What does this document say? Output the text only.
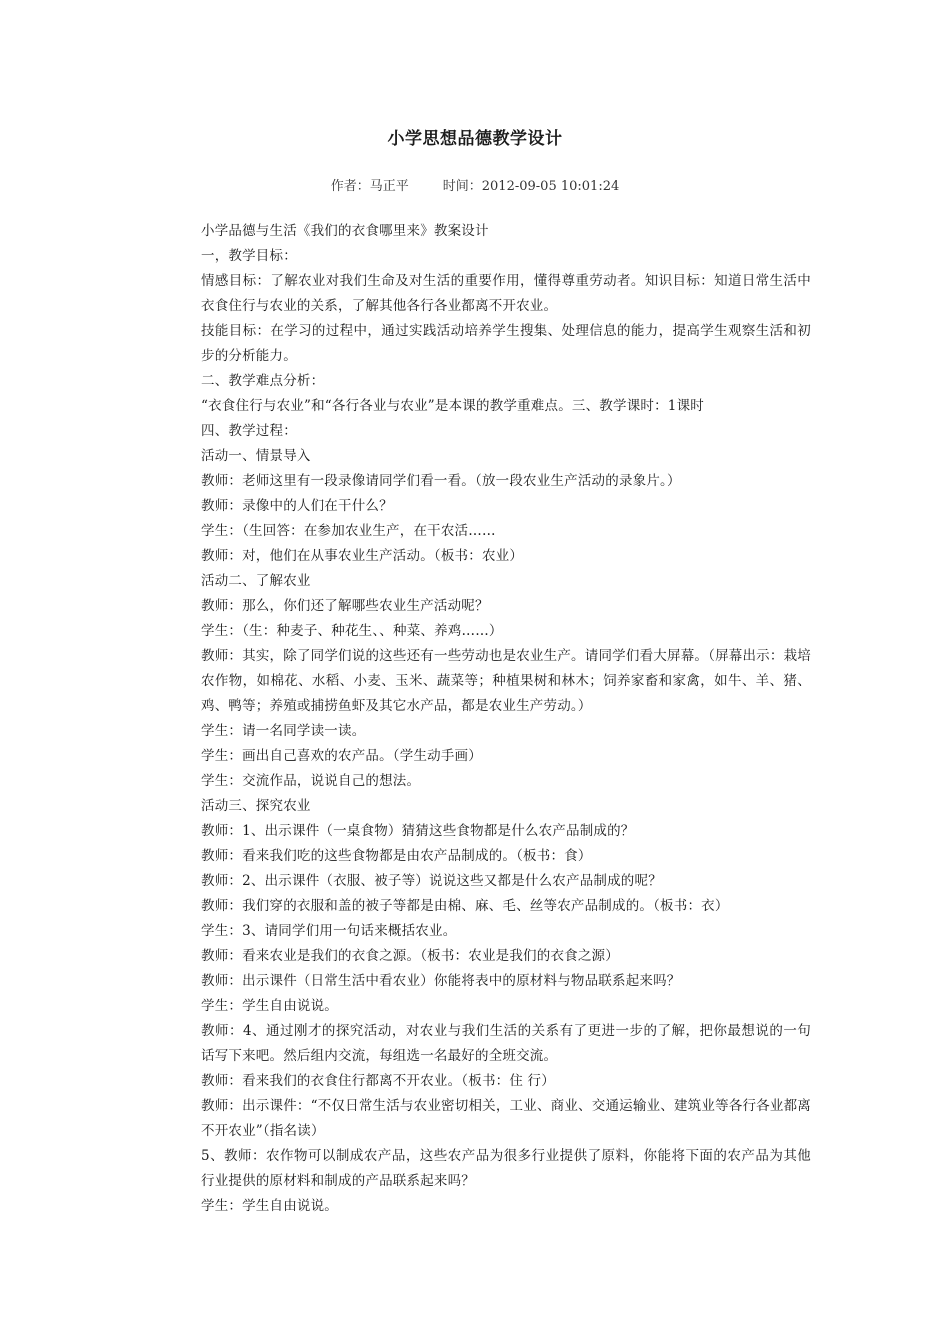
小学思想品德教学设计
作者：马正平	时间：2012-09-05 10:01:24

小学品德与生活《我们的衣食哪里来》教案设计

一，教学目标：

情感目标：了解农业对我们生命及对生活的重要作用，懂得尊重劳动者。知识目标：知道日常生活中衣食住行与农业的关系，了解其他各行各业都离不开农业。

技能目标：在学习的过程中，通过实践活动培养学生搜集、处理信息的能力，提高学生观察生活和初步的分析能力。

二、教学难点分析：

“衣食住行与农业”和“各行各业与农业”是本课的教学重难点。三、教学课时：1课时

四、教学过程：

活动一、情景导入

教师：老师这里有一段录像请同学们看一看。（放一段农业生产活动的录象片。）

教师：录像中的人们在干什么？

学生：（生回答：在参加农业生产，在干农活……

教师：对，他们在从事农业生产活动。（板书：农业）

活动二、了解农业

教师：那么，你们还了解哪些农业生产活动呢？

学生：（生：种麦子、种花生、、种菜、养鸡……）

教师：其实，除了同学们说的这些还有一些劳动也是农业生产。请同学们看大屏幕。（屏幕出示：栽培农作物，如棉花、水稻、小麦、玉米、蔬菜等；种植果树和林木；饲养家畜和家禽，如牛、羊、猪、鸡、鸭等；养殖或捕捞鱼虾及其它水产品，都是农业生产劳动。）

学生：请一名同学读一读。

学生：画出自己喜欢的农产品。（学生动手画）

学生：交流作品，说说自己的想法。

活动三、探究农业

教师：1、出示课件（一桌食物）猜猜这些食物都是什么农产品制成的？

教师：看来我们吃的这些食物都是由农产品制成的。（板书：食）

教师：2、出示课件（衣服、被子等）说说这些又都是什么农产品制成的呢？

教师：我们穿的衣服和盖的被子等都是由棉、麻、毛、丝等农产品制成的。（板书：衣）

学生：3、请同学们用一句话来概括农业。

教师：看来农业是我们的衣食之源。（板书：农业是我们的衣食之源）

教师：出示课件（日常生活中看农业）你能将表中的原材料与物品联系起来吗？

学生：学生自由说说。

教师：4、通过刚才的探究活动，对农业与我们生活的关系有了更进一步的了解，把你最想说的一句话写下来吧。然后组内交流，每组选一名最好的全班交流。

教师：看来我们的衣食住行都离不开农业。（板书：住 行）

教师：出示课件：“不仅日常生活与农业密切相关，工业、商业、交通运输业、建筑业等各行各业都离不开农业”（指名读）

5、教师：农作物可以制成农产品，这些农产品为很多行业提供了原料，你能将下面的农产品为其他行业提供的原材料和制成的产品联系起来吗？

学生：学生自由说说。
